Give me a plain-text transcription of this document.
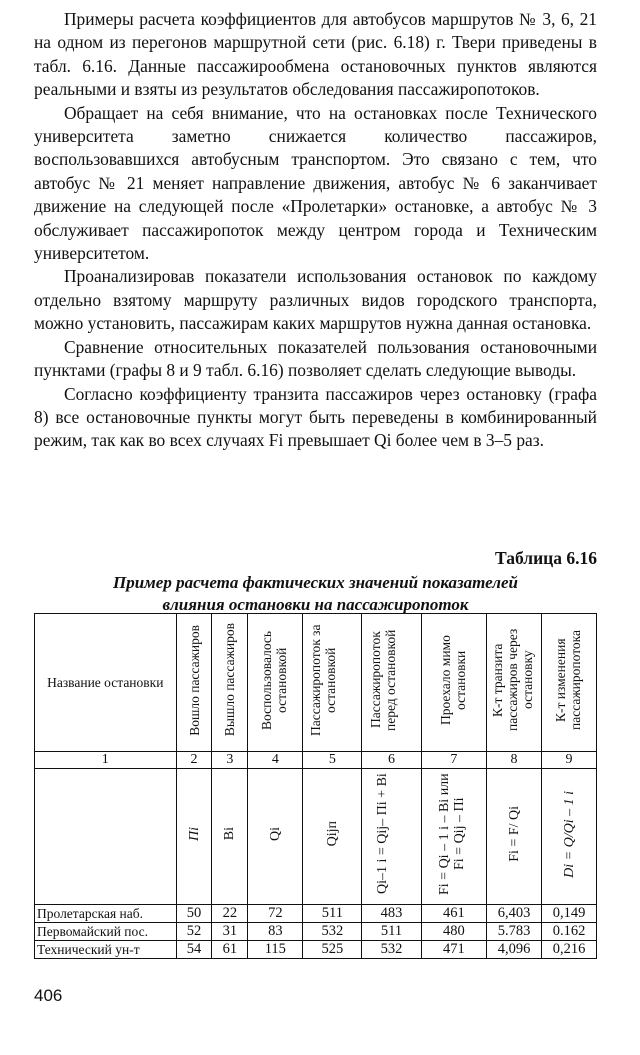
Примеры расчета коэффициентов для автобусов маршрутов № 3, 6, 21 на одном из перегонов маршрутной сети (рис. 6.18) г. Твери приведены в табл. 6.16. Данные пассажирообмена остановочных пунктов являются реальными и взяты из результатов обследования пассажиропотоков.

Обращает на себя внимание, что на остановках после Технического университета заметно снижается количество пассажиров, воспользовавшихся автобусным транспортом. Это связано с тем, что автобус № 21 меняет направление движения, автобус № 6 заканчивает движение на следующей после «Пролетарки» остановке, а автобус № 3 обслуживает пассажиропоток между центром города и Техническим университетом.

Проанализировав показатели использования остановок по каждому отдельно взятому маршруту различных видов городского транспорта, можно установить, пассажирам каких маршрутов нужна данная остановка.

Сравнение относительных показателей пользования остановочными пунктами (графы 8 и 9 табл. 6.16) позволяет сделать следующие выводы.

Согласно коэффициенту транзита пассажиров через остановку (графа 8) все остановочные пункты могут быть переведены в комбинированный режим, так как во всех случаях Fi превышает Qi более чем в 3–5 раз.

Таблица 6.16
Пример расчета фактических значений показателей
влияния остановки на пассажиропоток
Название остановки	Вошло пассажиров	Вышло пассажиров	Воспользовалось остановкой	Пассажиропоток за остановкой	Пассажиропоток перед остановкой	Проехало мимо остановки	К-т транзита пассажиров через остановку	К-т изменения пассажиропотока
1	2	3	4	5	6	7	8	9
	Пi	Bi	Qi	Qijп	Qi–1 i = Qij– Пi + Bi	Fi = Qi – 1 i – Bi или Fi = Qij – Пi	Fi = F/ Qi	Di = Q/Qi – 1 i
Пролетарская наб.	50	22	72	511	483	461	6,403	0,149
Первомайский пос.	52	31	83	532	511	480	5.783	0.162
Технический ун-т	54	61	115	525	532	471	4,096	0,216
406
